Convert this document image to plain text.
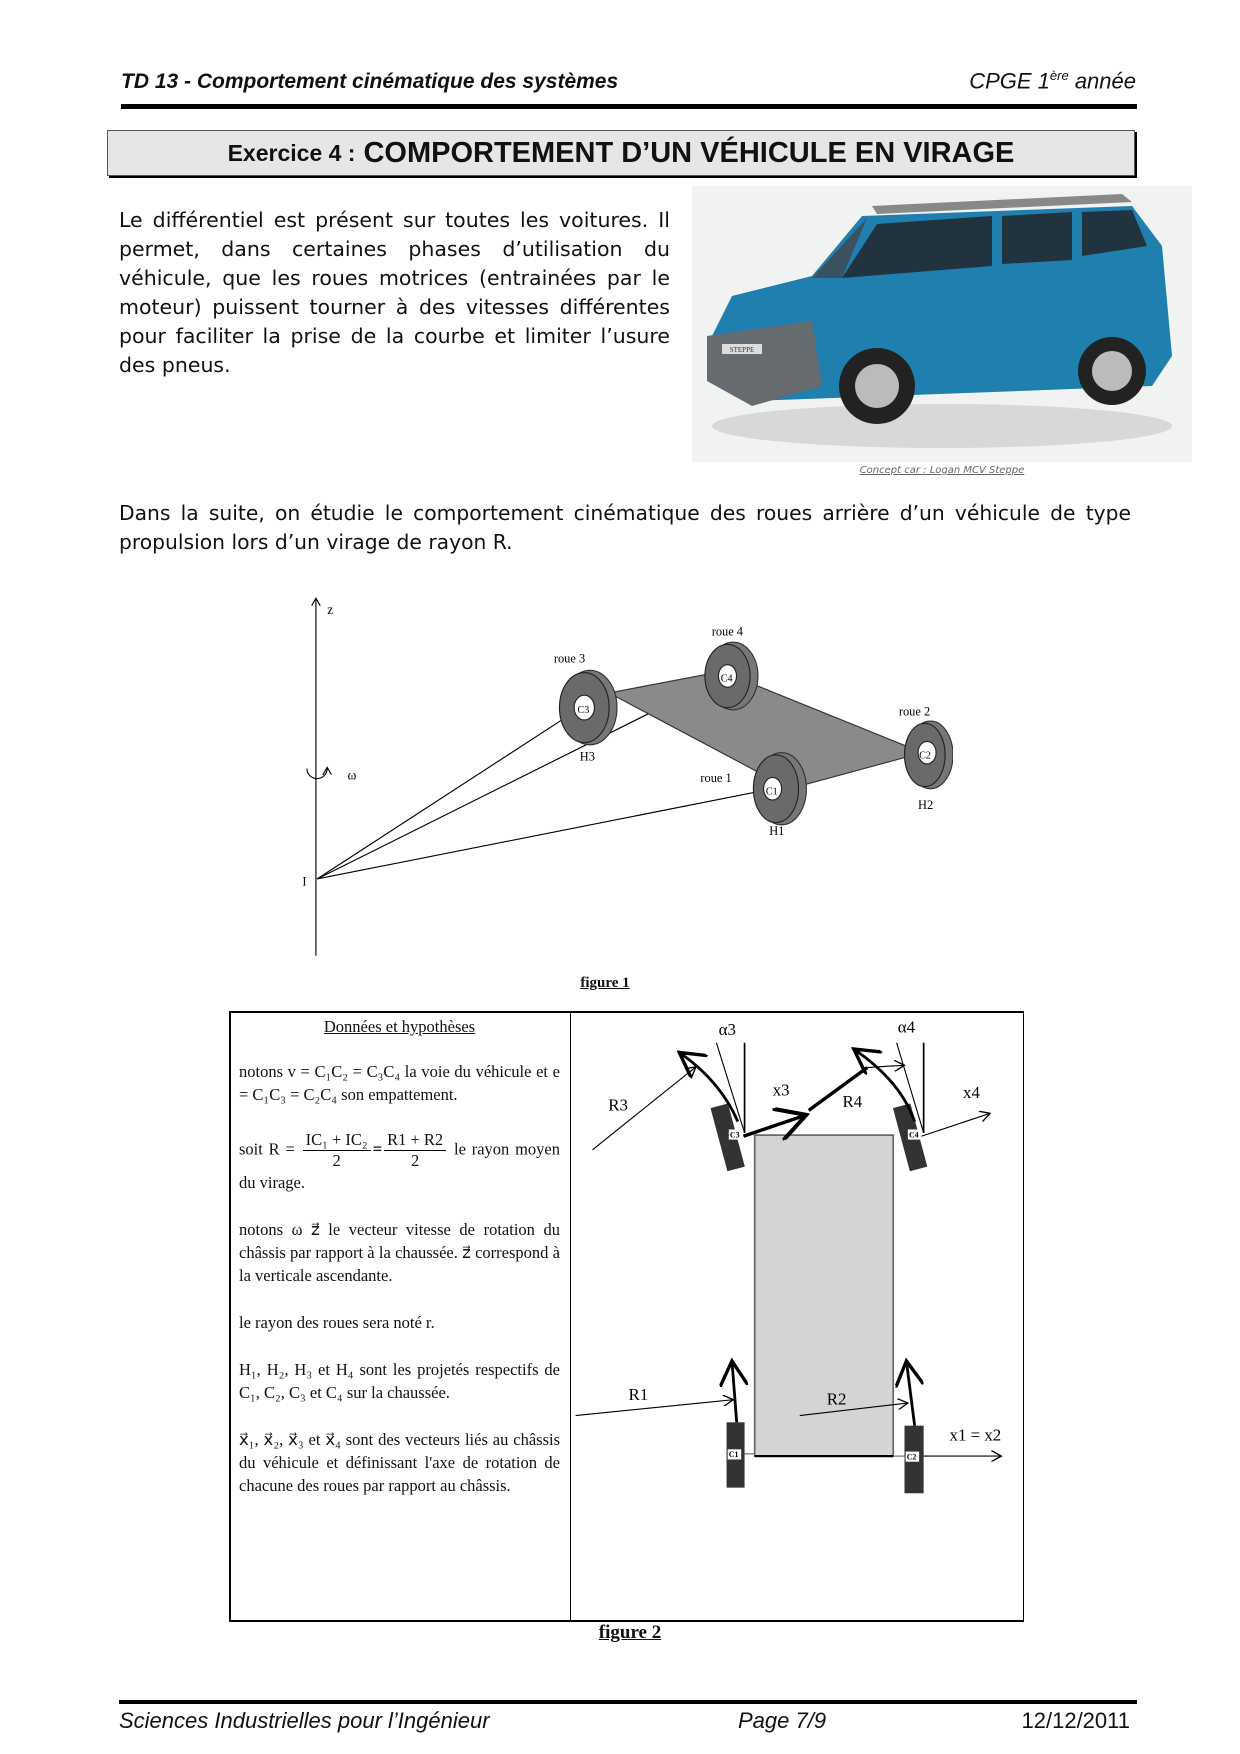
TD 13 - Comportement cinématique des systèmes	CPGE 1ère année
Exercice 4 : COMPORTEMENT D’UN VÉHICULE EN VIRAGE

Le différentiel est présent sur toutes les voitures. Il permet, dans certaines phases d’utilisation du véhicule, que les roues motrices (entrainées par le moteur) puissent tourner à des vitesses différentes pour faciliter la prise de la courbe et limiter l’usure des pneus.

STEPPE
Concept car : Logan MCV Steppe

Dans la suite, on étudie le comportement cinématique des roues arrière d’un véhicule de type propulsion lors d’un virage de rayon R.

z
ω
I
C3
C4
C1
C2
roue 3
roue 4
roue 2
roue 1
H3
H1
H2
figure 1

Données et hypothèses

notons v = C₁C₂ = C₃C₄ la voie du véhicule et e = C₁C₃ = C₂C₄ son empattement.

soit $R = \frac{\text{IC₁ + IC₂}}{2} = \frac{R1 + R2}{2}$ le rayon moyen du virage.

notons ω z⃗ le vecteur vitesse de rotation du châssis par rapport à la chaussée. z⃗ correspond à la verticale ascendante.

le rayon des roues sera noté r.

H₁, H₂, H₃ et H₄ sont les projetés respectifs de C₁, C₂, C₃ et C₄ sur la chaussée.

x⃗₁, x⃗₂, x⃗₃ et x⃗₄ sont des vecteurs liés au châssis du véhicule et définissant l'axe de rotation de chacune des roues par rapport au châssis.

R3	R4
R1	R2
x3	x4
x1 = x2
α3	α4
C1	C2
C3	C4
figure 2
Sciences Industrielles pour l’Ingénieur	Page 7/9	12/12/2011
